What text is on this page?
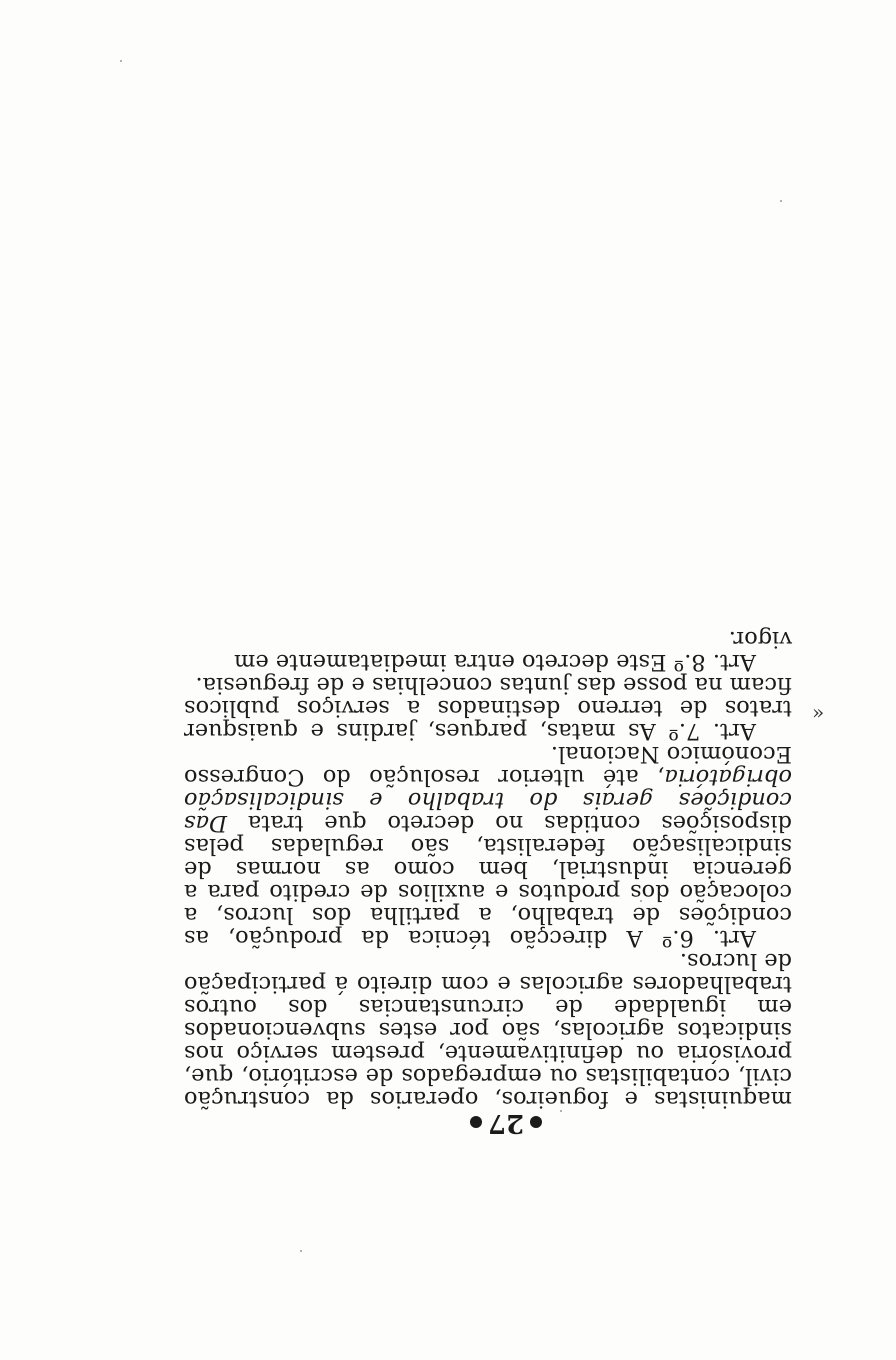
27

maquinistas e fogueiros, operarios da construção civil, contabilistas ou empregados de escritório, que, provisória ou definitivamente, prestem serviço nos sindicatos agricolas, são por estes subvencionados em igualdade de circunstancias dos outros trabalhadores agricolas e com direito á participação de lucros.

Art. 6.º A direcção técnica da produção, as condições de trabalho, a partilha dos lucros, a colocação dos produtos e auxilios de credito para a gerencia industrial, bem como as normas de sindicalisação federalista, são reguladas pelas disposições contidas no decreto que trata Das condições gerais do trabalho e sindicalisação obrigatória, até ulterior resolução do Congresso Económico Nacional.

Art. 7.º As matas, parques, jardins e quaisquer tratos de terreno destinados a serviços publicos ficam na posse das juntas concelhias e de freguesia.

Art. 8.º Este decreto entra imediatamente em vigor.

»
